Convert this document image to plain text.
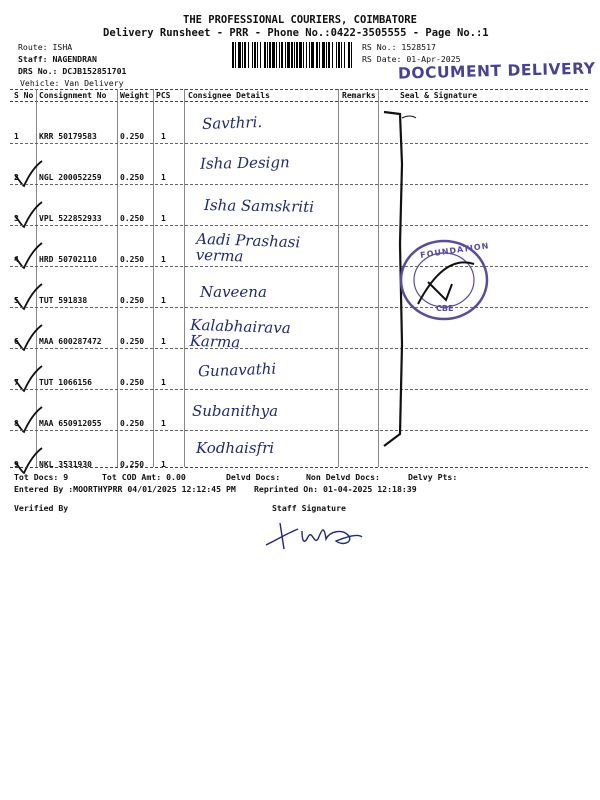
THE PROFESSIONAL COURIERS, COIMBATORE
Delivery Runsheet - PRR - Phone No.:0422-3505555 - Page No.:1
Route: ISHA
Staff: NAGENDRAN
DRS No.: DCJB152851701
Vehicle: Van Delivery
RS No.: 1528517
RS Date: 01-Apr-2025
DOCUMENT DELIVERY
S No Consignment No Weight PCS Consignee Details	Remarks	Seal & Signature
1	KRR 50179583	0.250 1
Savthri.
2	NGL 200052259 0.250 1
Isha Design
3	VPL 522852933 0.250 1
Isha Samskriti
4	HRD 50702110	0.250 1
Aadi Prashasi verma
5	TUT 591838	0.250 1 Naveena
6	MAA 600287472 0.250 1
Kalabhairava Karma
7	TUT 1066156	0.250 1
Gunavathi
8	MAA 650912055 0.250 1
Subanithya
9	NKL 3531930	0.250 1
Kodhaisfri
FOUNDATION
CBE
Tot Docs: 9	Tot COD Amt: 0.00	Delvd Docs:	Non Delvd Docs:	Delvy Pts:
Entered By :MOORTHYPRR 04/01/2025 12:12:45 PM Reprinted On: 01-04-2025 12:18:39
Verified By	Staff Signature
